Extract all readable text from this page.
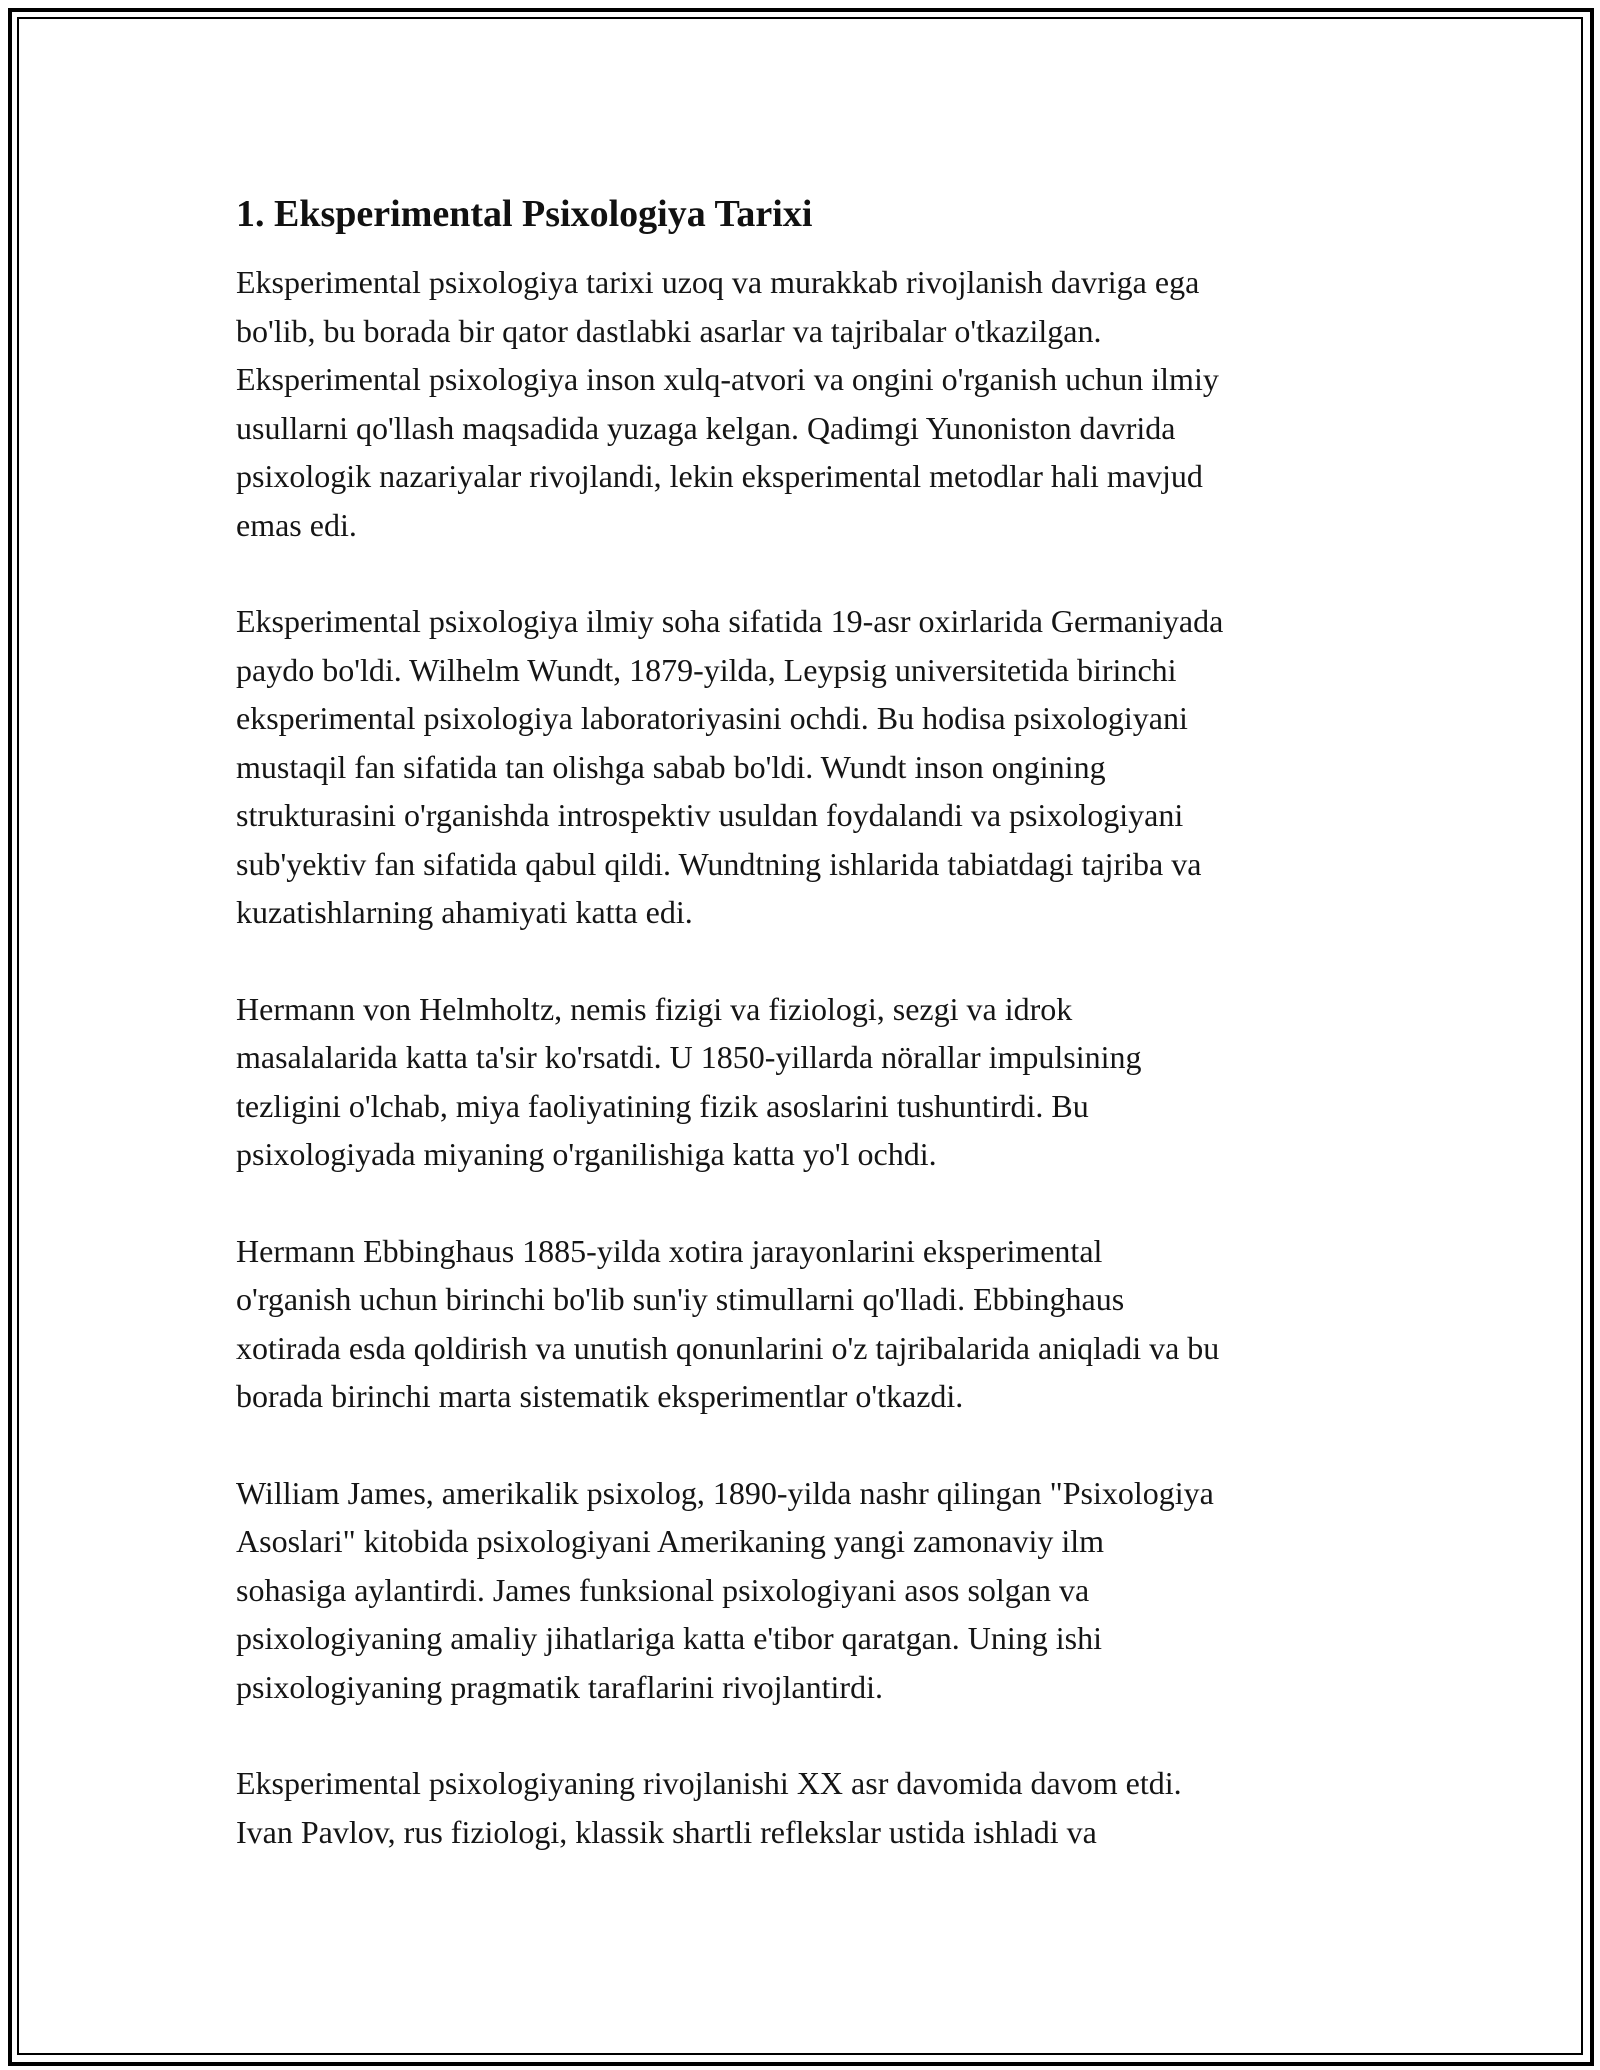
1. Eksperimental Psixologiya Tarixi

Eksperimental psixologiya tarixi uzoq va murakkab rivojlanish davriga ega
bo'lib, bu borada bir qator dastlabki asarlar va tajribalar o'tkazilgan.
Eksperimental psixologiya inson xulq-atvori va ongini o'rganish uchun ilmiy
usullarni qo'llash maqsadida yuzaga kelgan. Qadimgi Yunoniston davrida
psixologik nazariyalar rivojlandi, lekin eksperimental metodlar hali mavjud
emas edi.

Eksperimental psixologiya ilmiy soha sifatida 19-asr oxirlarida Germaniyada
paydo bo'ldi. Wilhelm Wundt, 1879-yilda, Leypsig universitetida birinchi
eksperimental psixologiya laboratoriyasini ochdi. Bu hodisa psixologiyani
mustaqil fan sifatida tan olishga sabab bo'ldi. Wundt inson ongining
strukturasini o'rganishda introspektiv usuldan foydalandi va psixologiyani
sub'yektiv fan sifatida qabul qildi. Wundtning ishlarida tabiatdagi tajriba va
kuzatishlarning ahamiyati katta edi.

Hermann von Helmholtz, nemis fizigi va fiziologi, sezgi va idrok
masalalarida katta ta'sir ko'rsatdi. U 1850-yillarda nörallar impulsining
tezligini o'lchab, miya faoliyatining fizik asoslarini tushuntirdi. Bu
psixologiyada miyaning o'rganilishiga katta yo'l ochdi.

Hermann Ebbinghaus 1885-yilda xotira jarayonlarini eksperimental
o'rganish uchun birinchi bo'lib sun'iy stimullarni qo'lladi. Ebbinghaus
xotirada esda qoldirish va unutish qonunlarini o'z tajribalarida aniqladi va bu
borada birinchi marta sistematik eksperimentlar o'tkazdi.

William James, amerikalik psixolog, 1890-yilda nashr qilingan "Psixologiya
Asoslari" kitobida psixologiyani Amerikaning yangi zamonaviy ilm
sohasiga aylantirdi. James funksional psixologiyani asos solgan va
psixologiyaning amaliy jihatlariga katta e'tibor qaratgan. Uning ishi
psixologiyaning pragmatik taraflarini rivojlantirdi.

Eksperimental psixologiyaning rivojlanishi XX asr davomida davom etdi.
Ivan Pavlov, rus fiziologi, klassik shartli reflekslar ustida ishladi va
